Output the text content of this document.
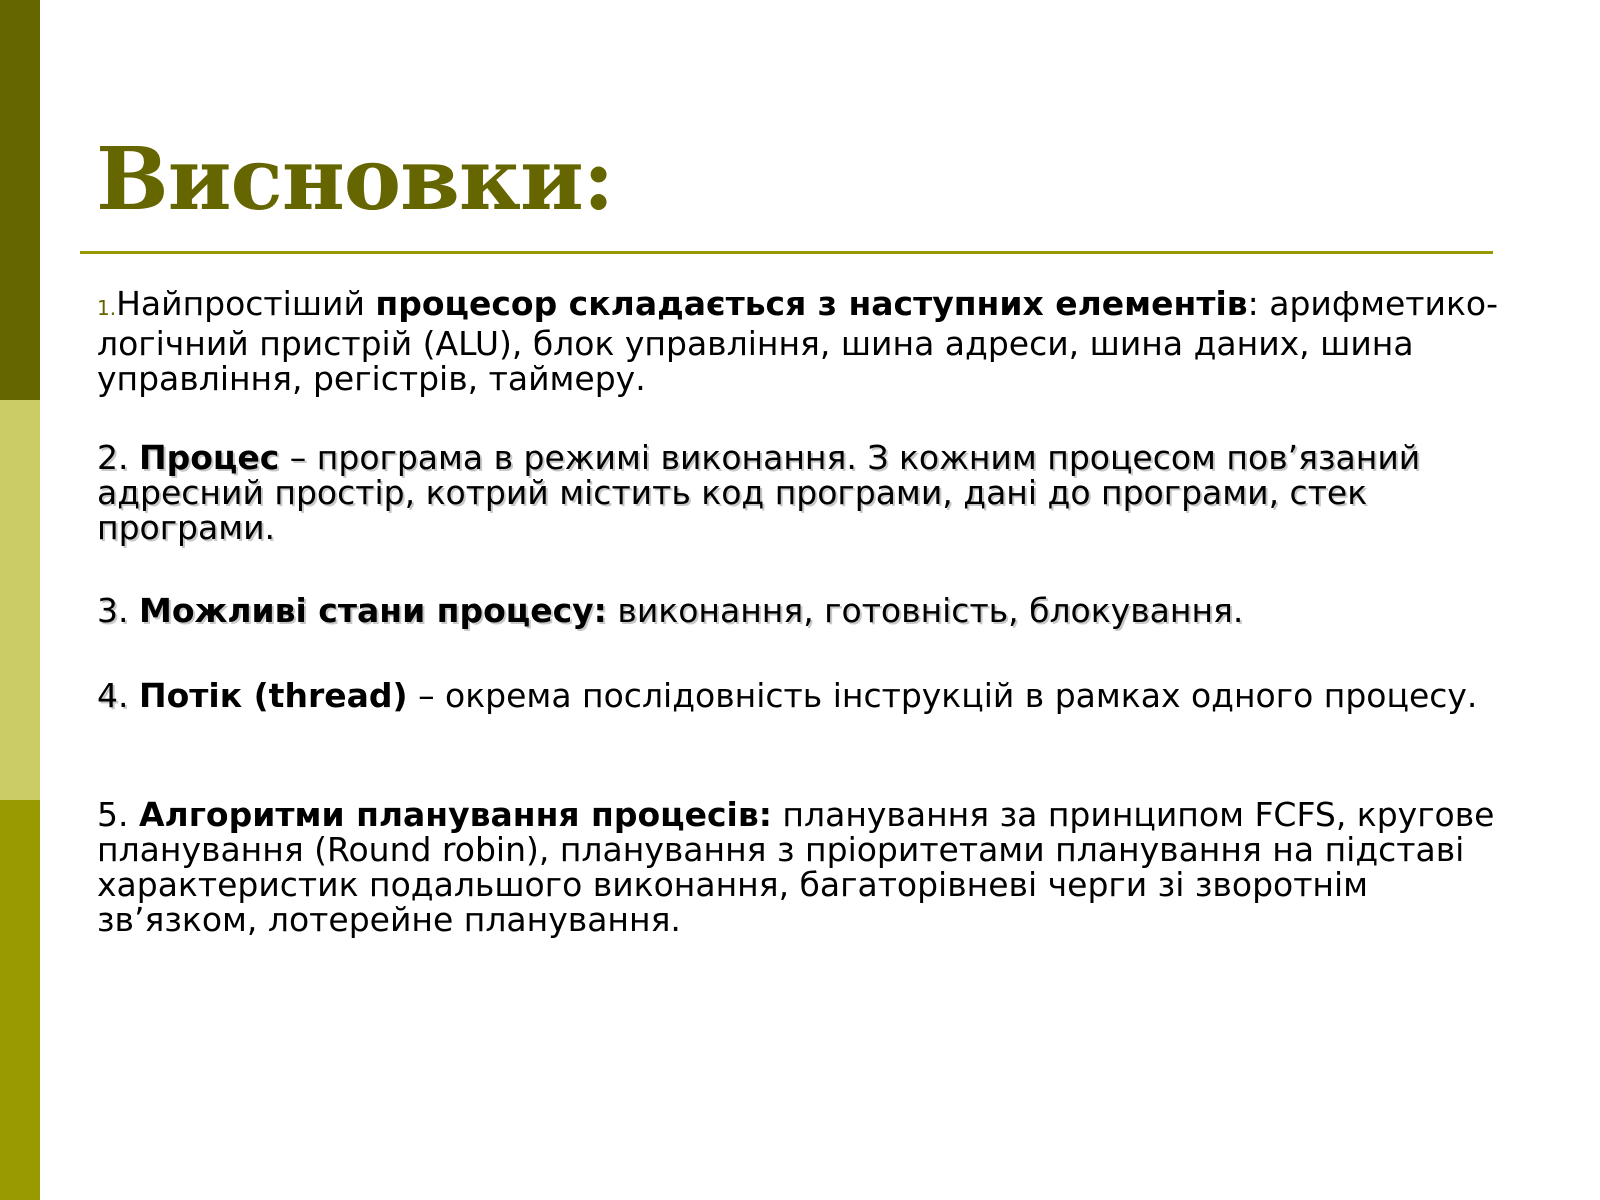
Висновки:

1.Найпростіший процесор складається з наступних елементів: арифметико-логічний пристрій (ALU), блок управління, шина адреси, шина даних, шина управління, регістрів, таймеру.

2. Процес – програма в режимі виконання. З кожним процесом пов’язаний адресний простір, котрий містить код програми, дані до програми, стек програми.

3. Можливі стани процесу: виконання, готовність, блокування.

4. Потік (thread) – окрема послідовність інструкцій в рамках одного процесу.

5. Алгоритми планування процесів: планування за принципом FCFS, кругове планування (Round robin), планування з пріоритетами планування на підставі характеристик подальшого виконання, багаторівневі черги зі зворотнім зв’язком, лотерейне планування.
